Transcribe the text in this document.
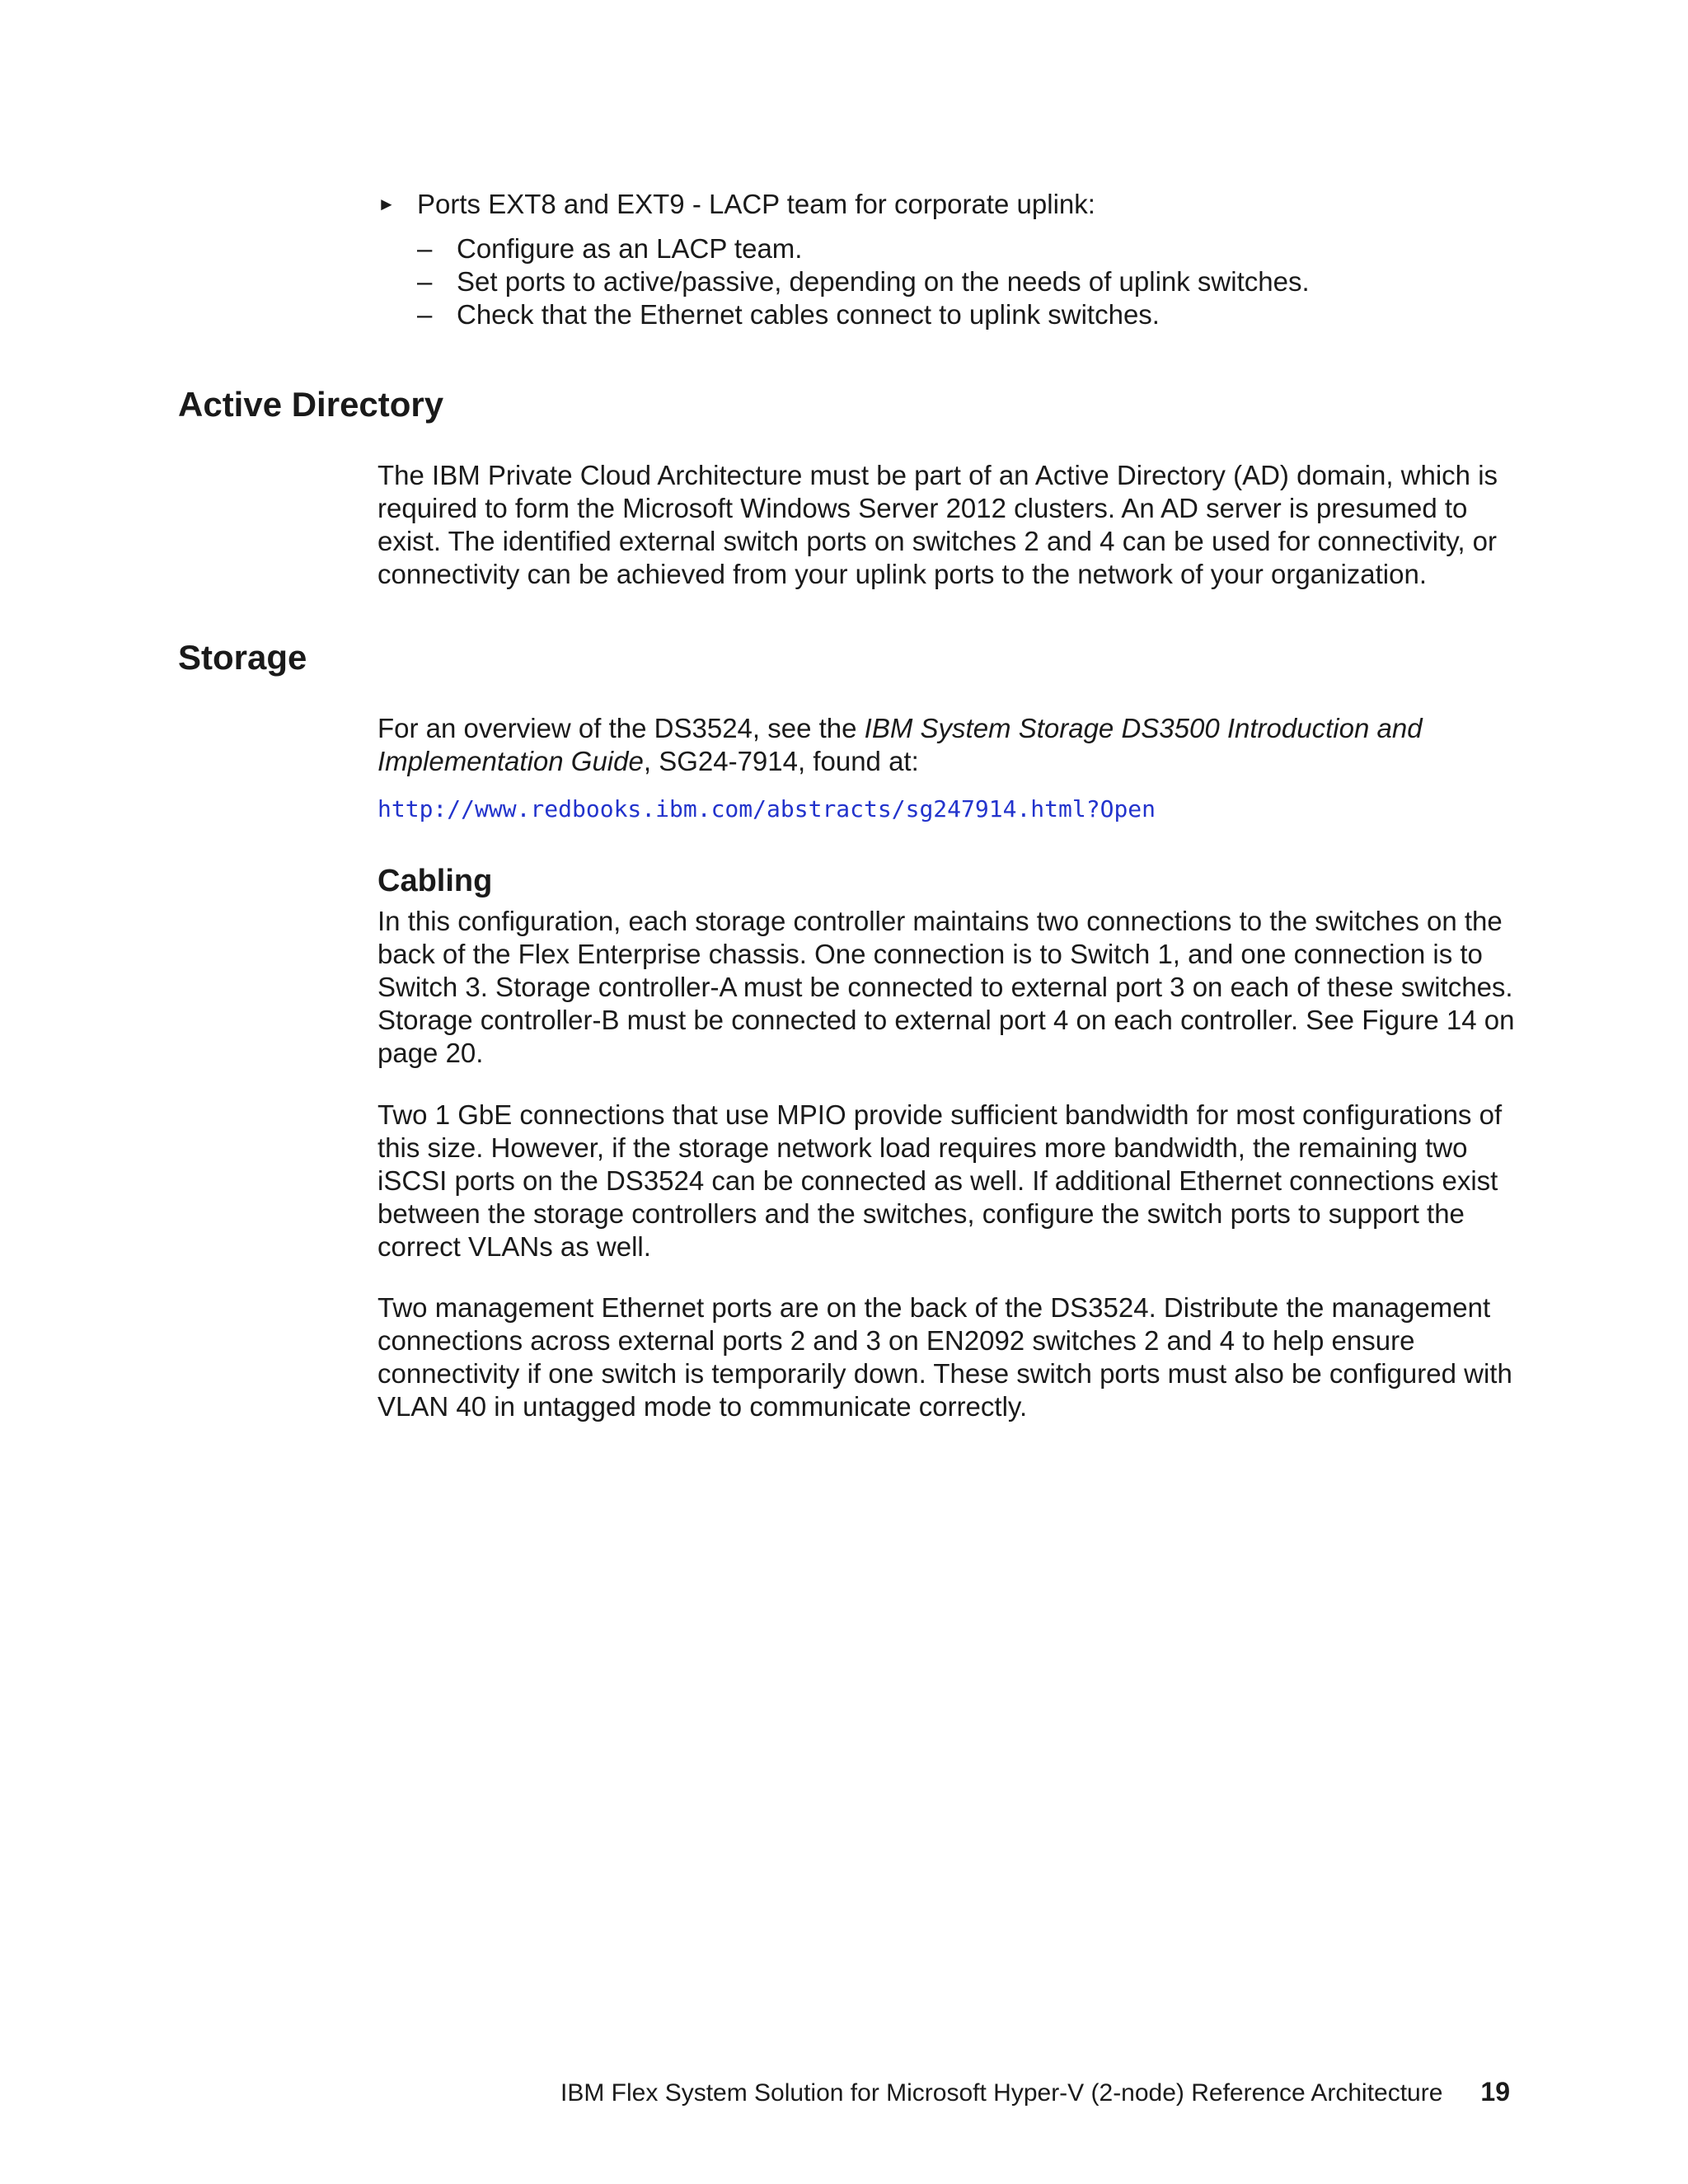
► Ports EXT8 and EXT9 - LACP team for corporate uplink:
– Configure as an LACP team.
– Set ports to active/passive, depending on the needs of uplink switches.
– Check that the Ethernet cables connect to uplink switches.
Active Directory

The IBM Private Cloud Architecture must be part of an Active Directory (AD) domain, which is required to form the Microsoft Windows Server 2012 clusters. An AD server is presumed to exist. The identified external switch ports on switches 2 and 4 can be used for connectivity, or connectivity can be achieved from your uplink ports to the network of your organization.

Storage

For an overview of the DS3524, see the IBM System Storage DS3500 Introduction and Implementation Guide, SG24-7914, found at:

http://www.redbooks.ibm.com/abstracts/sg247914.html?Open
Cabling

In this configuration, each storage controller maintains two connections to the switches on the back of the Flex Enterprise chassis. One connection is to Switch 1, and one connection is to Switch 3. Storage controller-A must be connected to external port 3 on each of these switches. Storage controller-B must be connected to external port 4 on each controller. See Figure 14 on page 20.

Two 1 GbE connections that use MPIO provide sufficient bandwidth for most configurations of this size. However, if the storage network load requires more bandwidth, the remaining two iSCSI ports on the DS3524 can be connected as well. If additional Ethernet connections exist between the storage controllers and the switches, configure the switch ports to support the correct VLANs as well.

Two management Ethernet ports are on the back of the DS3524. Distribute the management connections across external ports 2 and 3 on EN2092 switches 2 and 4 to help ensure connectivity if one switch is temporarily down. These switch ports must also be configured with VLAN 40 in untagged mode to communicate correctly.

IBM Flex System Solution for Microsoft Hyper-V (2-node) Reference Architecture 19
